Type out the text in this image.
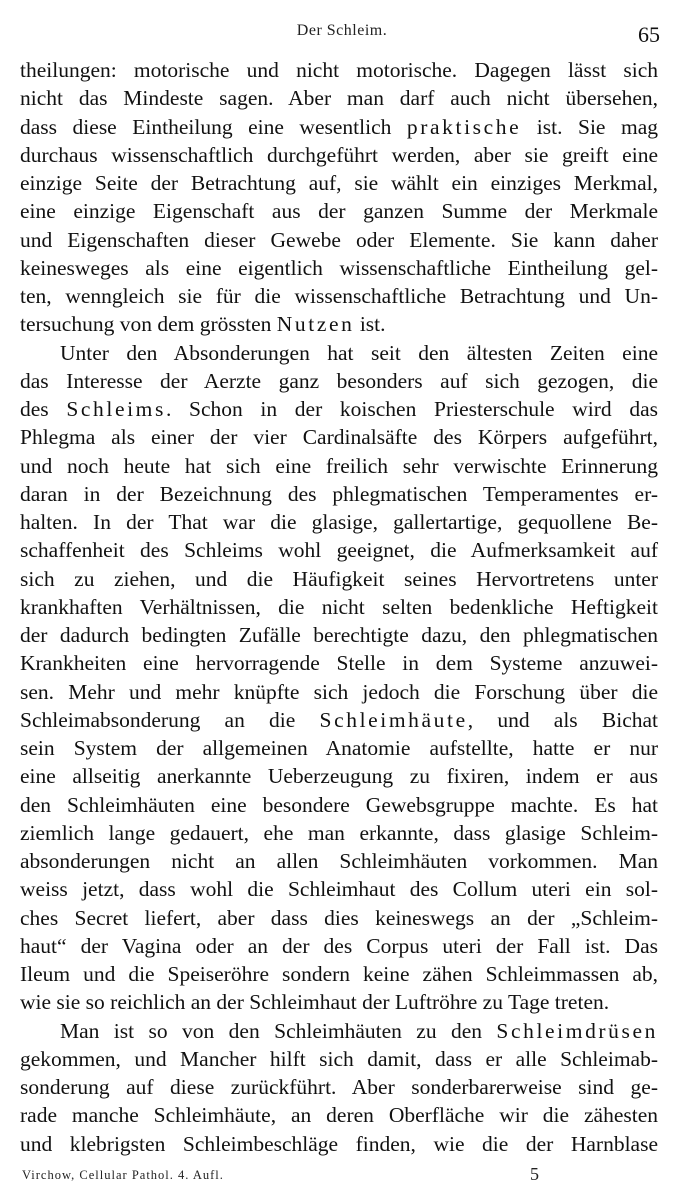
Der Schleim.	65
theilungen: motorische und nicht motorische. Dagegen lässt sich
nicht das Mindeste sagen. Aber man darf auch nicht übersehen,
dass diese Eintheilung eine wesentlich praktische ist. Sie mag
durchaus wissenschaftlich durchgeführt werden, aber sie greift eine
einzige Seite der Betrachtung auf, sie wählt ein einziges Merkmal,
eine einzige Eigenschaft aus der ganzen Summe der Merkmale
und Eigenschaften dieser Gewebe oder Elemente. Sie kann daher
keinesweges als eine eigentlich wissenschaftliche Eintheilung gel-
ten, wenngleich sie für die wissenschaftliche Betrachtung und Un-
tersuchung von dem grössten Nutzen ist.
Unter den Absonderungen hat seit den ältesten Zeiten eine
das Interesse der Aerzte ganz besonders auf sich gezogen, die
des Schleims. Schon in der koischen Priesterschule wird das
Phlegma als einer der vier Cardinalsäfte des Körpers aufgeführt,
und noch heute hat sich eine freilich sehr verwischte Erinnerung
daran in der Bezeichnung des phlegmatischen Temperamentes er-
halten. In der That war die glasige, gallertartige, gequollene Be-
schaffenheit des Schleims wohl geeignet, die Aufmerksamkeit auf
sich zu ziehen, und die Häufigkeit seines Hervortretens unter
krankhaften Verhältnissen, die nicht selten bedenkliche Heftigkeit
der dadurch bedingten Zufälle berechtigte dazu, den phlegmatischen
Krankheiten eine hervorragende Stelle in dem Systeme anzuwei-
sen. Mehr und mehr knüpfte sich jedoch die Forschung über die
Schleimabsonderung an die Schleimhäute, und als Bichat
sein System der allgemeinen Anatomie aufstellte, hatte er nur
eine allseitig anerkannte Ueberzeugung zu fixiren, indem er aus
den Schleimhäuten eine besondere Gewebsgruppe machte. Es hat
ziemlich lange gedauert, ehe man erkannte, dass glasige Schleim-
absonderungen nicht an allen Schleimhäuten vorkommen. Man
weiss jetzt, dass wohl die Schleimhaut des Collum uteri ein sol-
ches Secret liefert, aber dass dies keineswegs an der „Schleim-
haut“ der Vagina oder an der des Corpus uteri der Fall ist. Das
Ileum und die Speiseröhre sondern keine zähen Schleimmassen ab,
wie sie so reichlich an der Schleimhaut der Luftröhre zu Tage treten.
Man ist so von den Schleimhäuten zu den Schleimdrüsen
gekommen, und Mancher hilft sich damit, dass er alle Schleimab-
sonderung auf diese zurückführt. Aber sonderbarerweise sind ge-
rade manche Schleimhäute, an deren Oberfläche wir die zähesten
und klebrigsten Schleimbeschläge finden, wie die der Harnblase
Virchow, Cellular Pathol. 4. Aufl.	5
